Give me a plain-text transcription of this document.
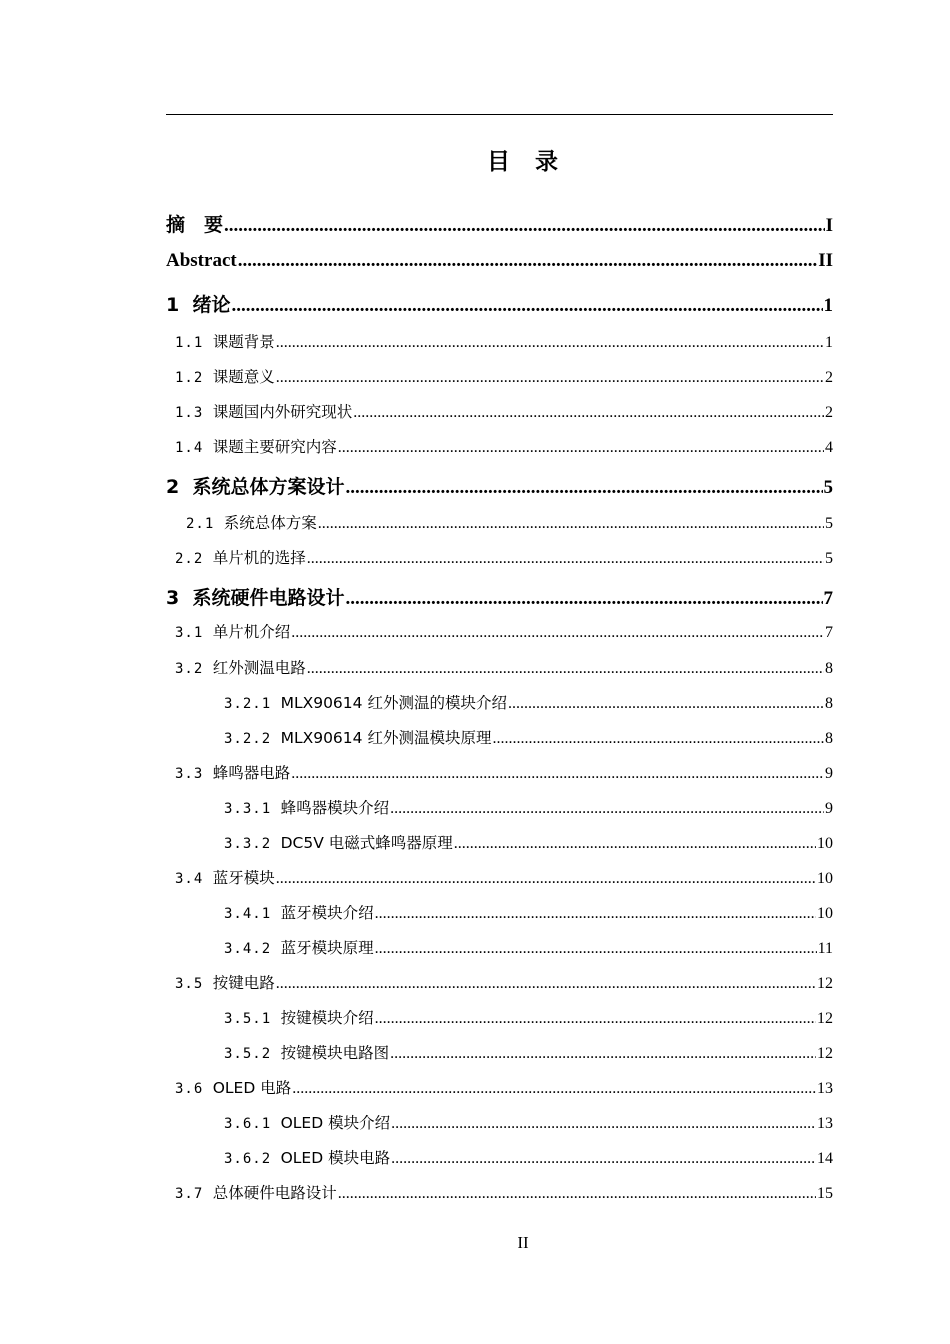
目　录
摘　要 .....	I
Abstract .....	II
1 绪论 .....	1
1.1 课题背景 .....	1
1.2 课题意义 .....	2
1.3 课题国内外研究现状 .....	2
1.4 课题主要研究内容 .....	4
2 系统总体方案设计 .....	5
2.1 系统总体方案 .....	5
2.2 单片机的选择 .....	5
3 系统硬件电路设计 .....	7
3.1 单片机介绍 .....	7
3.2 红外测温电路 .....	8
3.2.1 MLX90614 红外测温的模块介绍 .....	8
3.2.2 MLX90614 红外测温模块原理 .....	8
3.3 蜂鸣器电路 .....	9
3.3.1 蜂鸣器模块介绍 .....	9
3.3.2 DC5V 电磁式蜂鸣器原理 .....	10
3.4 蓝牙模块 .....	10
3.4.1 蓝牙模块介绍 .....	10
3.4.2 蓝牙模块原理 .....	11
3.5 按键电路 .....	12
3.5.1 按键模块介绍 .....	12
3.5.2 按键模块电路图 .....	12
3.6 OLED 电路 .....	13
3.6.1 OLED 模块介绍 .....	13
3.6.2 OLED 模块电路 .....	14
3.7 总体硬件电路设计 .....	15
II
